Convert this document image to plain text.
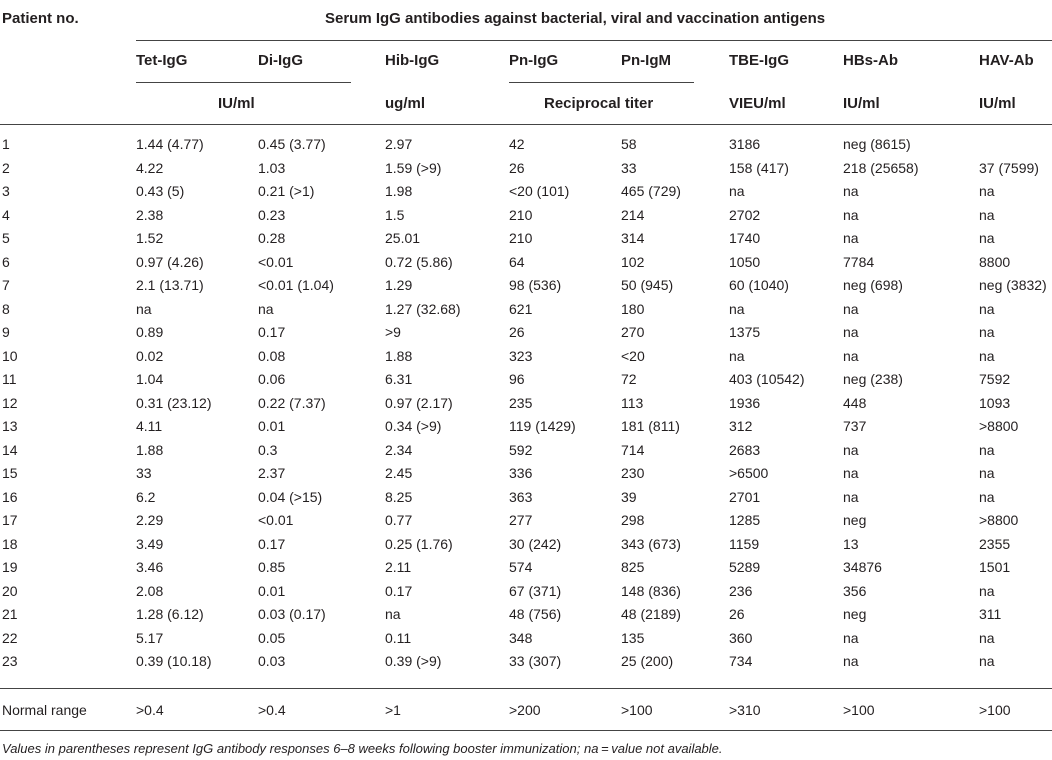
Patient no.	Serum IgG antibodies against bacterial, viral and vaccination antigens
Tet-IgG	Di-IgG	Hib-IgG	Pn-IgG	Pn-IgM	TBE-IgG	HBs-Ab	HAV-Ab
IU/ml	ug/ml	Reciprocal titer	VIEU/ml	IU/ml	IU/ml
1	1.44 (4.77)	0.45 (3.77)	2.97	42	58	3186	neg (8615)
2	4.22	1.03	1.59 (>9)	26	33	158 (417)	218 (25658)	37 (7599)
3	0.43 (5)	0.21 (>1)	1.98	<20 (101)	465 (729)	na	na	na
4	2.38	0.23	1.5	210	214	2702	na	na
5	1.52	0.28	25.01	210	314	1740	na	na
6	0.97 (4.26)	<0.01	0.72 (5.86)	64	102	1050	7784	8800
7	2.1 (13.71)	<0.01 (1.04)	1.29	98 (536)	50 (945)	60 (1040)	neg (698)	neg (3832)
8	na	na	1.27 (32.68)	621	180	na	na	na
9	0.89	0.17	>9	26	270	1375	na	na
10	0.02	0.08	1.88	323	<20	na	na	na
11	1.04	0.06	6.31	96	72	403 (10542)	neg (238)	7592
12	0.31 (23.12)	0.22 (7.37)	0.97 (2.17)	235	113	1936	448	1093
13	4.11	0.01	0.34 (>9)	119 (1429)	181 (811)	312	737	>8800
14	1.88	0.3	2.34	592	714	2683	na	na
15	33	2.37	2.45	336	230	>6500	na	na
16	6.2	0.04 (>15)	8.25	363	39	2701	na	na
17	2.29	<0.01	0.77	277	298	1285	neg	>8800
18	3.49	0.17	0.25 (1.76)	30 (242)	343 (673)	1159	13	2355
19	3.46	0.85	2.11	574	825	5289	34876	1501
20	2.08	0.01	0.17	67 (371)	148 (836)	236	356	na
21	1.28 (6.12)	0.03 (0.17)	na	48 (756)	48 (2189)	26	neg	311
22	5.17	0.05	0.11	348	135	360	na	na
23	0.39 (10.18)	0.03	0.39 (>9)	33 (307)	25 (200)	734	na	na
Normal range	>0.4	>0.4	>1	>200	>100	>310	>100	>100
Values in parentheses represent IgG antibody responses 6–8 weeks following booster immunization; na = value not available.
